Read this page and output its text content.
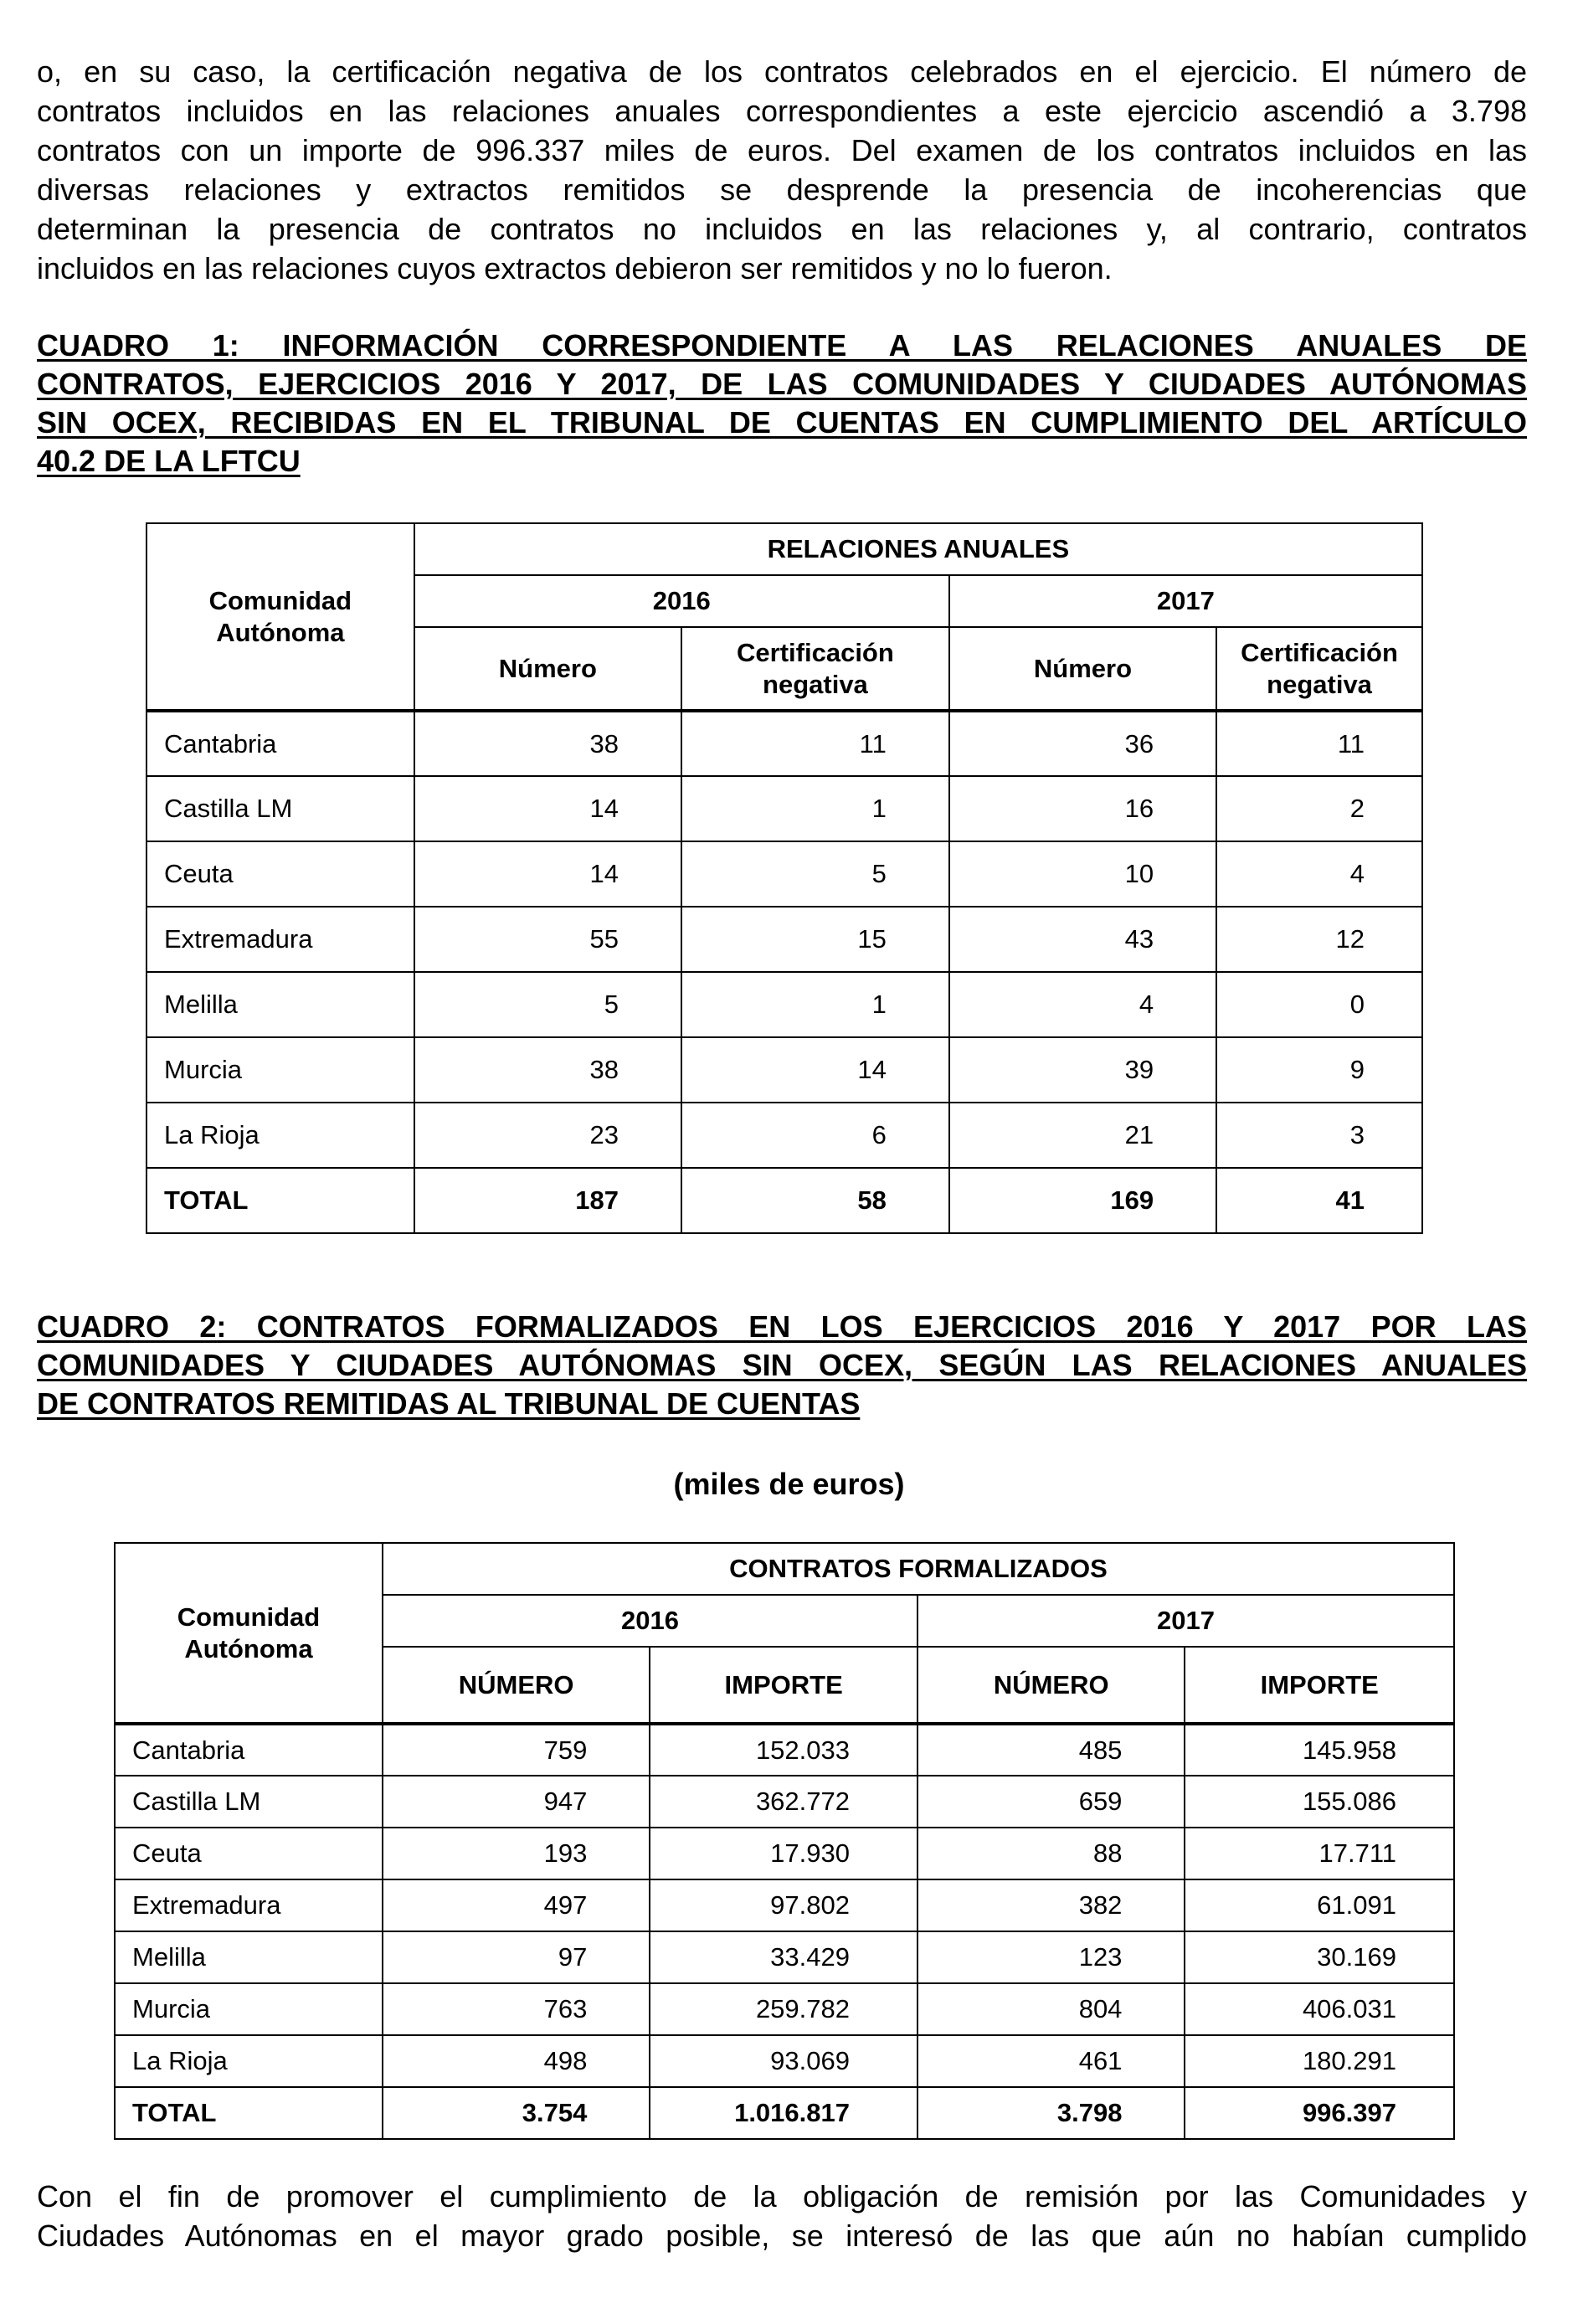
o, en su caso, la certificación negativa de los contratos celebrados en el ejercicio. El número de
contratos incluidos en las relaciones anuales correspondientes a este ejercicio ascendió a 3.798
contratos con un importe de 996.337 miles de euros. Del examen de los contratos incluidos en las
diversas relaciones y extractos remitidos se desprende la presencia de incoherencias que
determinan la presencia de contratos no incluidos en las relaciones y, al contrario, contratos
incluidos en las relaciones cuyos extractos debieron ser remitidos y no lo fueron.
CUADRO 1: INFORMACIÓN CORRESPONDIENTE A LAS RELACIONES ANUALES DE
CONTRATOS, EJERCICIOS 2016 Y 2017, DE LAS COMUNIDADES Y CIUDADES AUTÓNOMAS
SIN OCEX, RECIBIDAS EN EL TRIBUNAL DE CUENTAS EN CUMPLIMIENTO DEL ARTÍCULO
40.2 DE LA LFTCU
Comunidad Autónoma	RELACIONES ANUALES			
	2016		2017	
	Número	Certificación negativa	Número	Certificación negativa
Cantabria	38	11	36	11
Castilla LM	14	1	16	2
Ceuta	14	5	10	4
Extremadura	55	15	43	12
Melilla	5	1	4	0
Murcia	38	14	39	9
La Rioja	23	6	21	3
TOTAL	187	58	169	41
CUADRO 2: CONTRATOS FORMALIZADOS EN LOS EJERCICIOS 2016 Y 2017 POR LAS
COMUNIDADES Y CIUDADES AUTÓNOMAS SIN OCEX, SEGÚN LAS RELACIONES ANUALES
DE CONTRATOS REMITIDAS AL TRIBUNAL DE CUENTAS
(miles de euros)
Comunidad Autónoma	CONTRATOS FORMALIZADOS			
	2016		2017	
	NÚMERO	IMPORTE	NÚMERO	IMPORTE
Cantabria	759	152.033	485	145.958
Castilla LM	947	362.772	659	155.086
Ceuta	193	17.930	88	17.711
Extremadura	497	97.802	382	61.091
Melilla	97	33.429	123	30.169
Murcia	763	259.782	804	406.031
La Rioja	498	93.069	461	180.291
TOTAL	3.754	1.016.817	3.798	996.397
Con el fin de promover el cumplimiento de la obligación de remisión por las Comunidades y
Ciudades Autónomas en el mayor grado posible, se interesó de las que aún no habían cumplido
